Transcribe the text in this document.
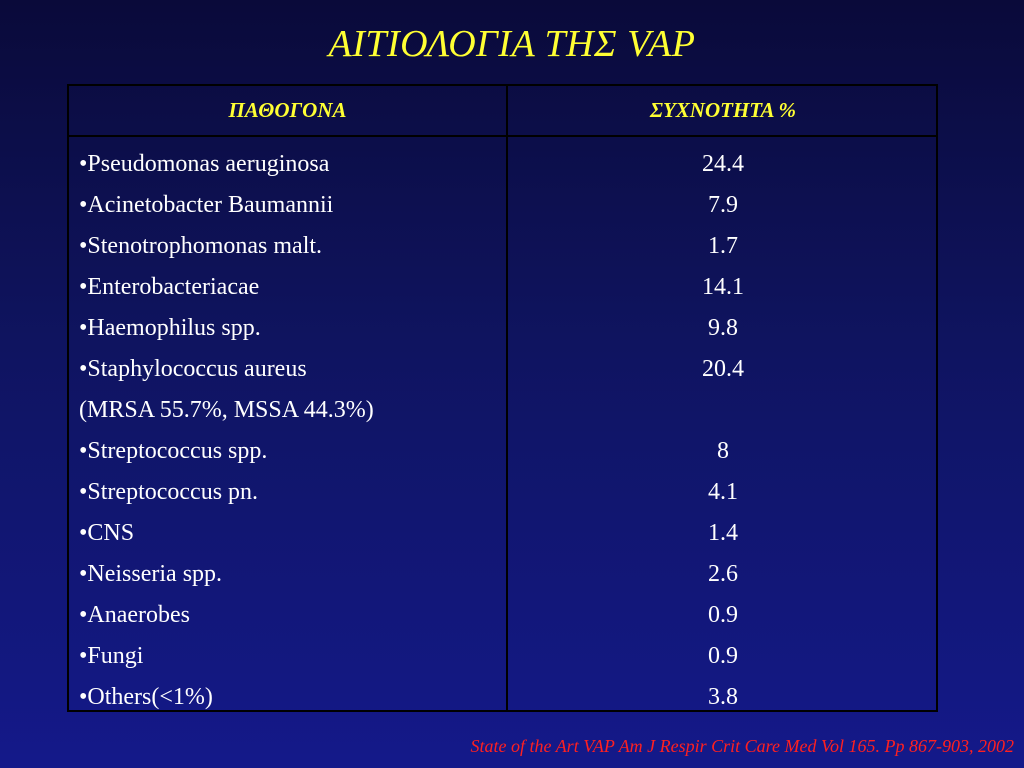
ΑΙΤΙΟΛΟΓΙΑ ΤΗΣ VAP
ΠΑΘΟΓΟΝΑ	ΣΥΧΝΟΤΗΤΑ %
•Pseudomonas aeruginosa
•Acinetobacter Baumannii
•Stenotrophomonas malt.
•Enterobacteriacae
•Haemophilus spp.
•Staphylococcus aureus
(MRSA 55.7%, MSSA 44.3%)
•Streptococcus spp.
•Streptococcus pn.
•CNS
•Neisseria spp.
•Anaerobes
•Fungi
•Others(<1%)
24.4
7.9
1.7
14.1
9.8
20.4
8
4.1
1.4
2.6
0.9
0.9
3.8
State of the Art VAP Am J Respir Crit Care Med Vol 165. Pp 867-903, 2002
